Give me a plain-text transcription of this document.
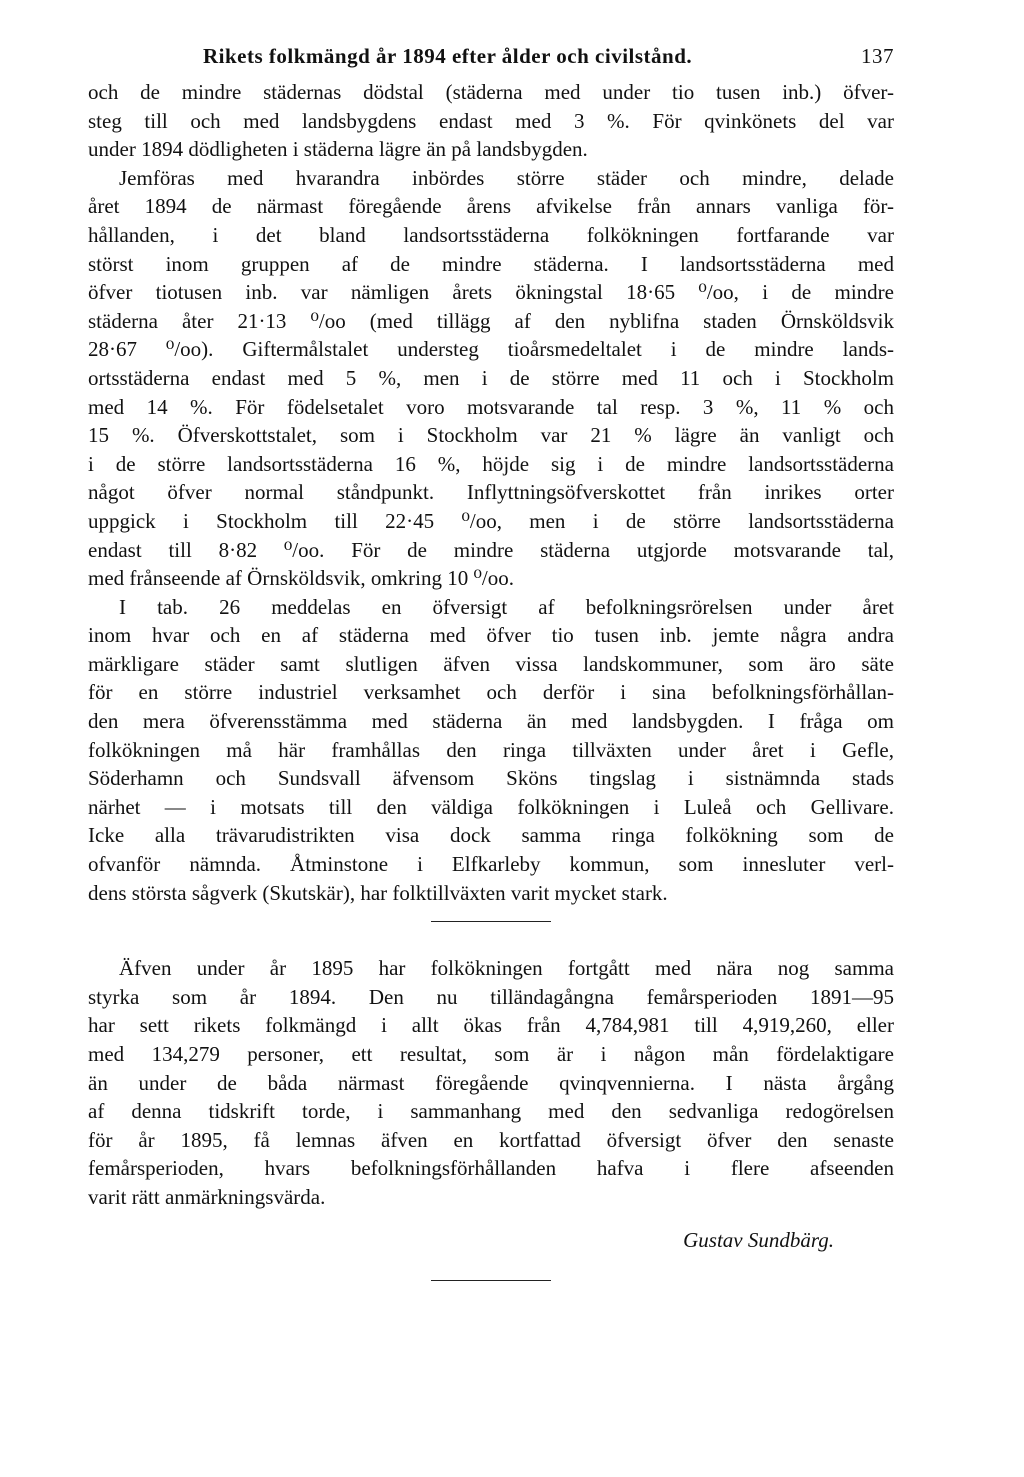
Rikets folkmängd år 1894 efter ålder och civilstånd.	137
och de mindre städernas dödstal (städerna med under tio tusen inb.) öfver-
steg till och med landsbygdens endast med 3 %. För qvinkönets del var
under 1894 dödligheten i städerna lägre än på landsbygden.
Jemföras med hvarandra inbördes större städer och mindre, delade
året 1894 de närmast föregående årens afvikelse från annars vanliga för-
hållanden, i det bland landsortsstäderna folkökningen fortfarande var
störst inom gruppen af de mindre städerna. I landsortsstäderna med
öfver tiotusen inb. var nämligen årets ökningstal 18·65 ⁰/oo, i de mindre
städerna åter 21·13 ⁰/oo (med tillägg af den nyblifna staden Örnsköldsvik
28·67 ⁰/oo). Giftermålstalet understeg tioårsmedeltalet i de mindre lands-
ortsstäderna endast med 5 %, men i de större med 11 och i Stockholm
med 14 %. För födelsetalet voro motsvarande tal resp. 3 %, 11 % och
15 %. Öfverskottstalet, som i Stockholm var 21 % lägre än vanligt och
i de större landsortsstäderna 16 %, höjde sig i de mindre landsortsstäderna
något öfver normal ståndpunkt. Inflyttningsöfverskottet från inrikes orter
uppgick i Stockholm till 22·45 ⁰/oo, men i de större landsortsstäderna
endast till 8·82 ⁰/oo. För de mindre städerna utgjorde motsvarande tal,
med frånseende af Örnsköldsvik, omkring 10 ⁰/oo.
I tab. 26 meddelas en öfversigt af befolkningsrörelsen under året
inom hvar och en af städerna med öfver tio tusen inb. jemte några andra
märkligare städer samt slutligen äfven vissa landskommuner, som äro säte
för en större industriel verksamhet och derför i sina befolkningsförhållan-
den mera öfverensstämma med städerna än med landsbygden. I fråga om
folkökningen må här framhållas den ringa tillväxten under året i Gefle,
Söderhamn och Sundsvall äfvensom Sköns tingslag i sistnämnda stads
närhet — i motsats till den väldiga folkökningen i Luleå och Gellivare.
Icke alla trävarudistrikten visa dock samma ringa folkökning som de
ofvanför nämnda. Åtminstone i Elfkarleby kommun, som innesluter verl-
dens största sågverk (Skutskär), har folktillväxten varit mycket stark.
Äfven under år 1895 har folkökningen fortgått med nära nog samma
styrka som år 1894. Den nu tilländagångna femårsperioden 1891—95
har sett rikets folkmängd i allt ökas från 4,784,981 till 4,919,260, eller
med 134,279 personer, ett resultat, som är i någon mån fördelaktigare
än under de båda närmast föregående qvinqvennierna. I nästa årgång
af denna tidskrift torde, i sammanhang med den sedvanliga redogörelsen
för år 1895, få lemnas äfven en kortfattad öfversigt öfver den senaste
femårsperioden, hvars befolkningsförhållanden hafva i flere afseenden
varit rätt anmärkningsvärda.
Gustav Sundbärg.
